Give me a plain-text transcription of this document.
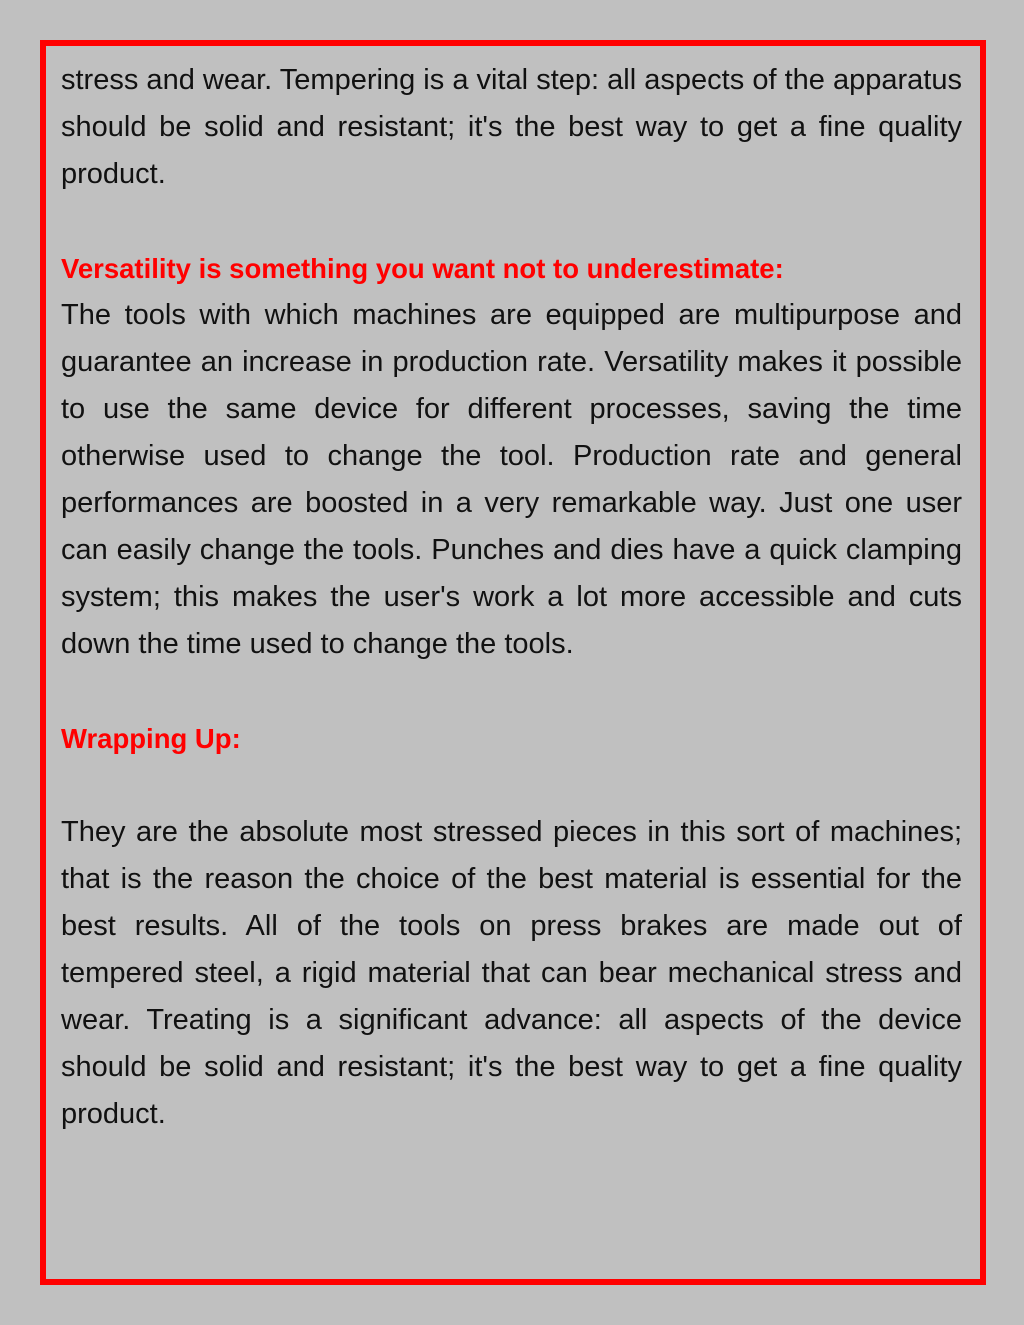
stress and wear. Tempering is a vital step: all aspects of the apparatus should be solid and resistant; it's the best way to get a fine quality product.

Versatility is something you want not to underestimate:

The tools with which machines are equipped are multipurpose and guarantee an increase in production rate. Versatility makes it possible to use the same device for different processes, saving the time otherwise used to change the tool. Production rate and general performances are boosted in a very remarkable way. Just one user can easily change the tools. Punches and dies have a quick clamping system; this makes the user's work a lot more accessible and cuts down the time used to change the tools.

Wrapping Up:

They are the absolute most stressed pieces in this sort of machines; that is the reason the choice of the best material is essential for the best results. All of the tools on press brakes are made out of tempered steel, a rigid material that can bear mechanical stress and wear. Treating is a significant advance: all aspects of the device should be solid and resistant; it's the best way to get a fine quality product.
